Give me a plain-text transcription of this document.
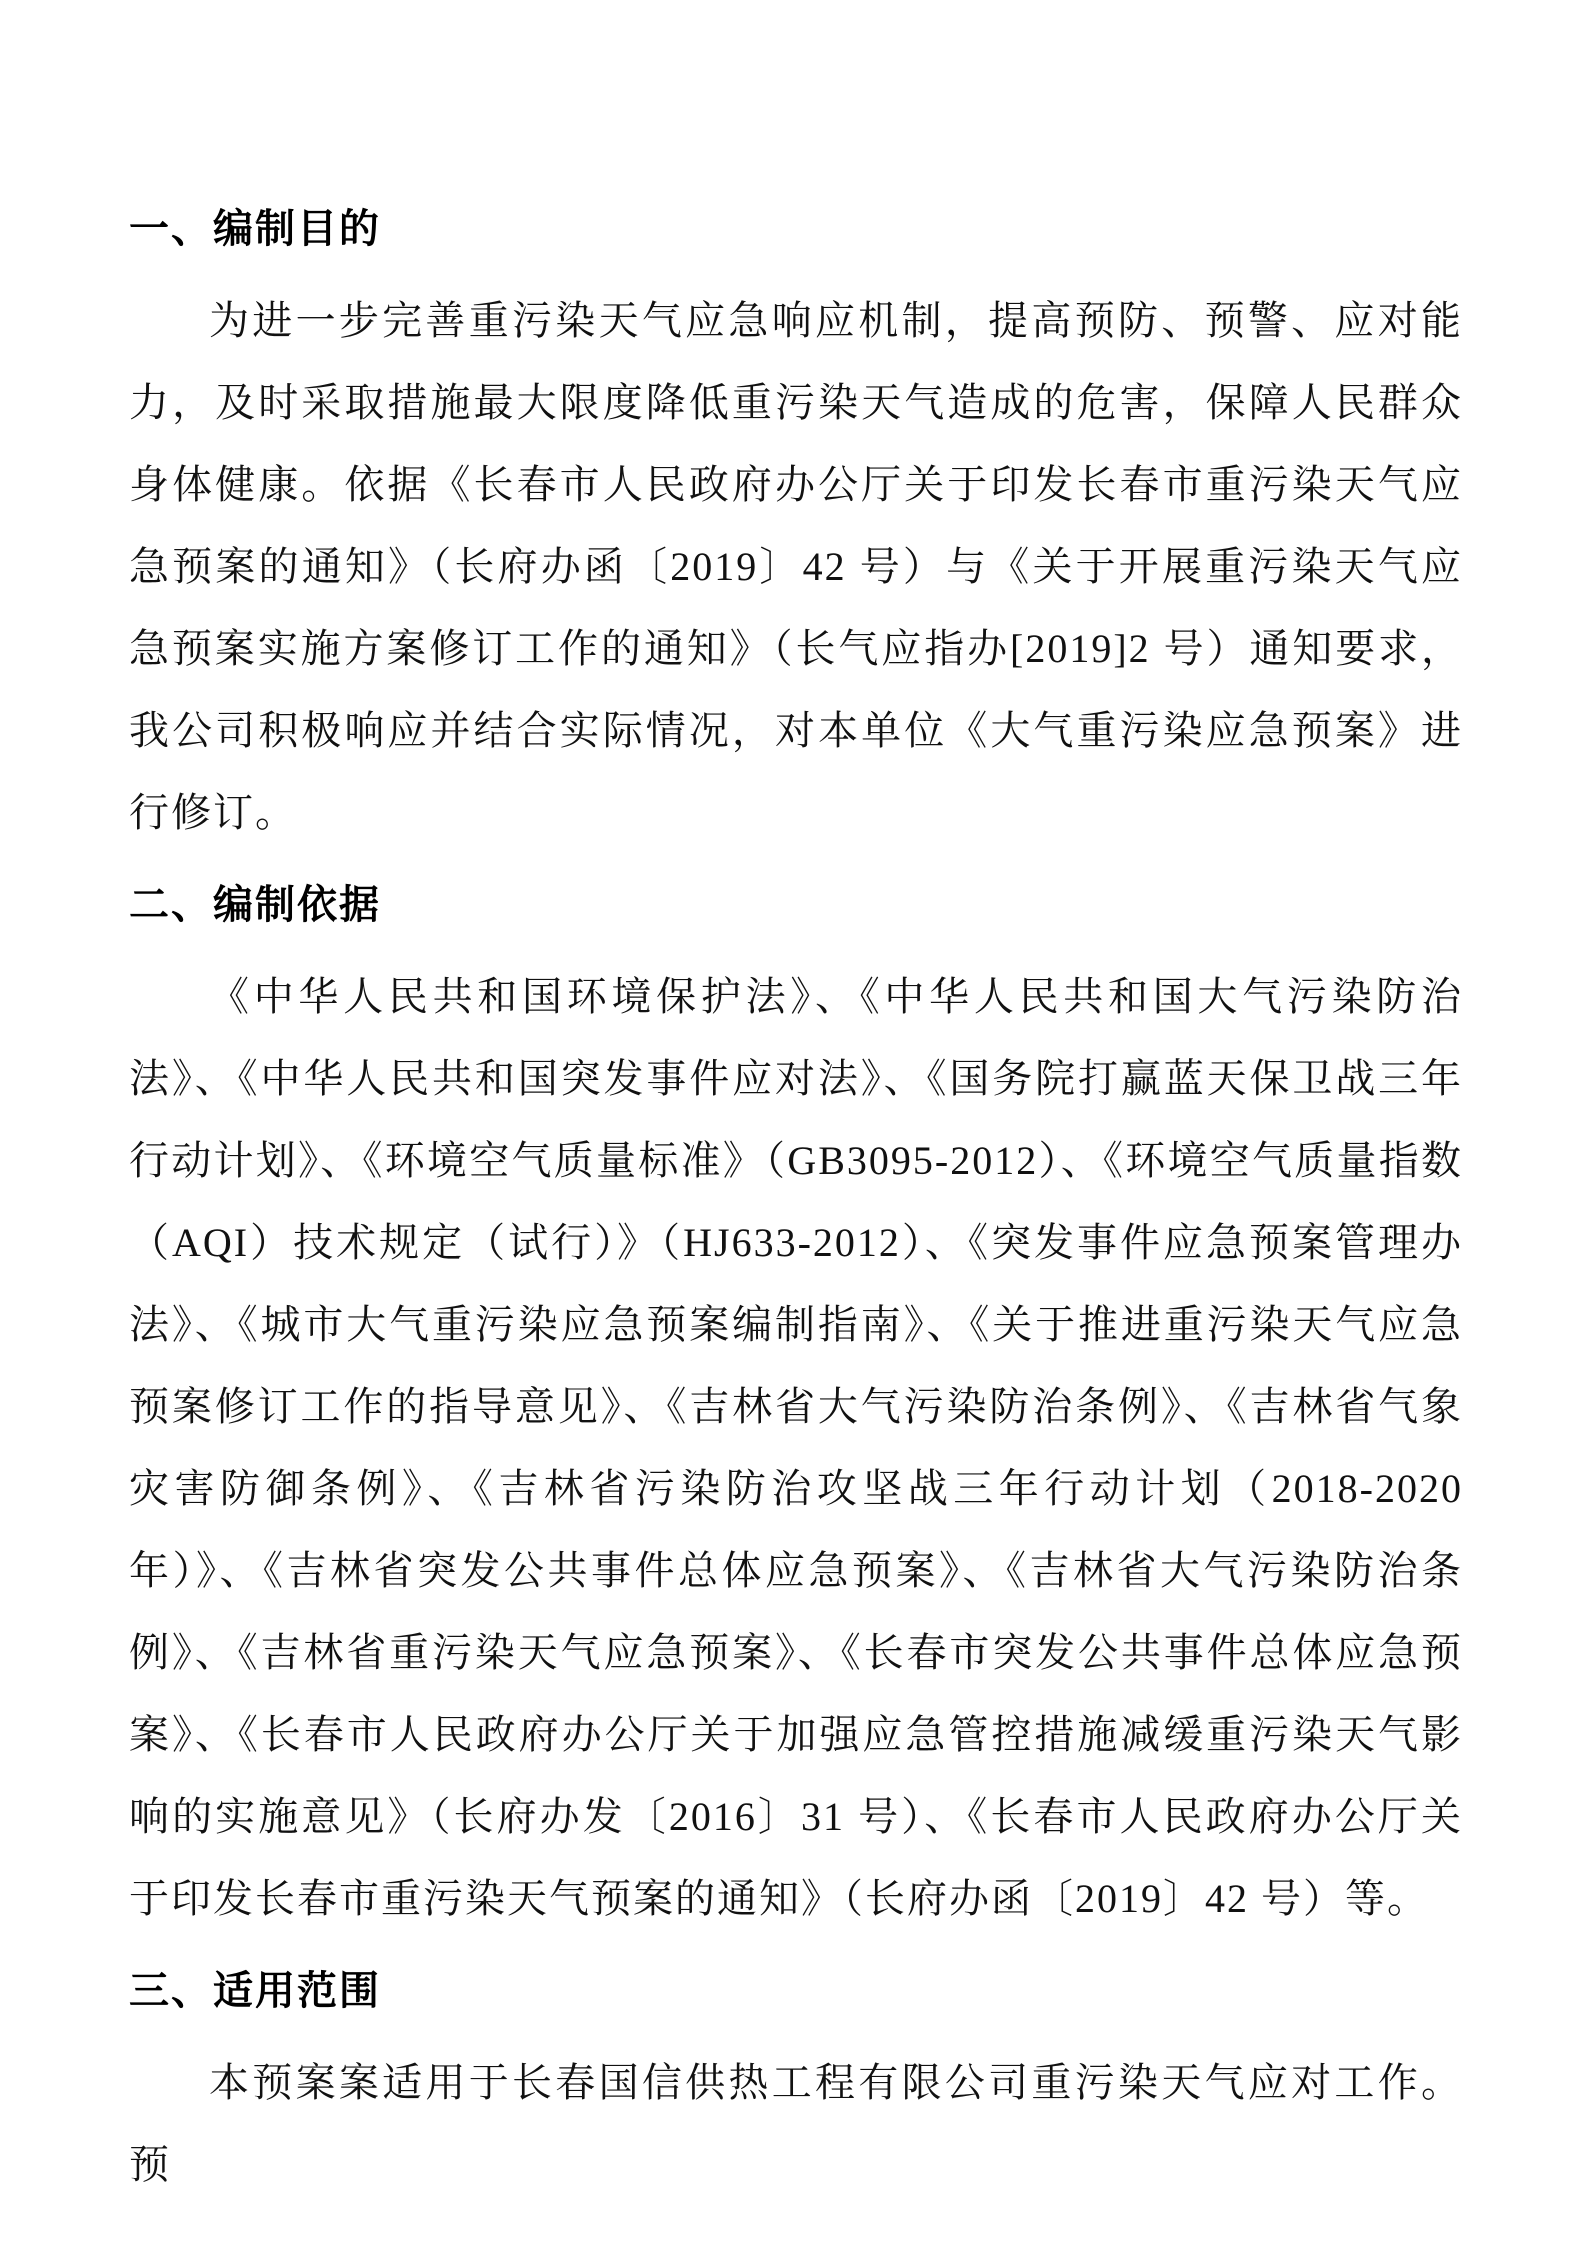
一、编制目的

为进一步完善重污染天气应急响应机制，提高预防、预警、应对能力，及时采取措施最大限度降低重污染天气造成的危害，保障人民群众身体健康。依据《长春市人民政府办公厅关于印发长春市重污染天气应急预案的通知》（长府办函〔2019〕42 号）与《关于开展重污染天气应急预案实施方案修订工作的通知》（长气应指办[2019]2 号）通知要求，我公司积极响应并结合实际情况，对本单位《大气重污染应急预案》进行修订。

二、编制依据

《中华人民共和国环境保护法》、《中华人民共和国大气污染防治法》、《中华人民共和国突发事件应对法》、《国务院打赢蓝天保卫战三年行动计划》、《环境空气质量标准》（GB3095-2012）、《环境空气质量指数（AQI）技术规定（试行）》（HJ633-2012）、《突发事件应急预案管理办法》、《城市大气重污染应急预案编制指南》、《关于推进重污染天气应急预案修订工作的指导意见》、《吉林省大气污染防治条例》、《吉林省气象灾害防御条例》、《吉林省污染防治攻坚战三年行动计划（2018-2020 年）》、《吉林省突发公共事件总体应急预案》、《吉林省大气污染防治条例》、《吉林省重污染天气应急预案》、《长春市突发公共事件总体应急预案》、《长春市人民政府办公厅关于加强应急管控措施减缓重污染天气影响的实施意见》（长府办发〔2016〕31 号）、《长春市人民政府办公厅关于印发长春市重污染天气预案的通知》（长府办函〔2019〕42 号）等。

三、适用范围

本预案案适用于长春国信供热工程有限公司重污染天气应对工作。预
